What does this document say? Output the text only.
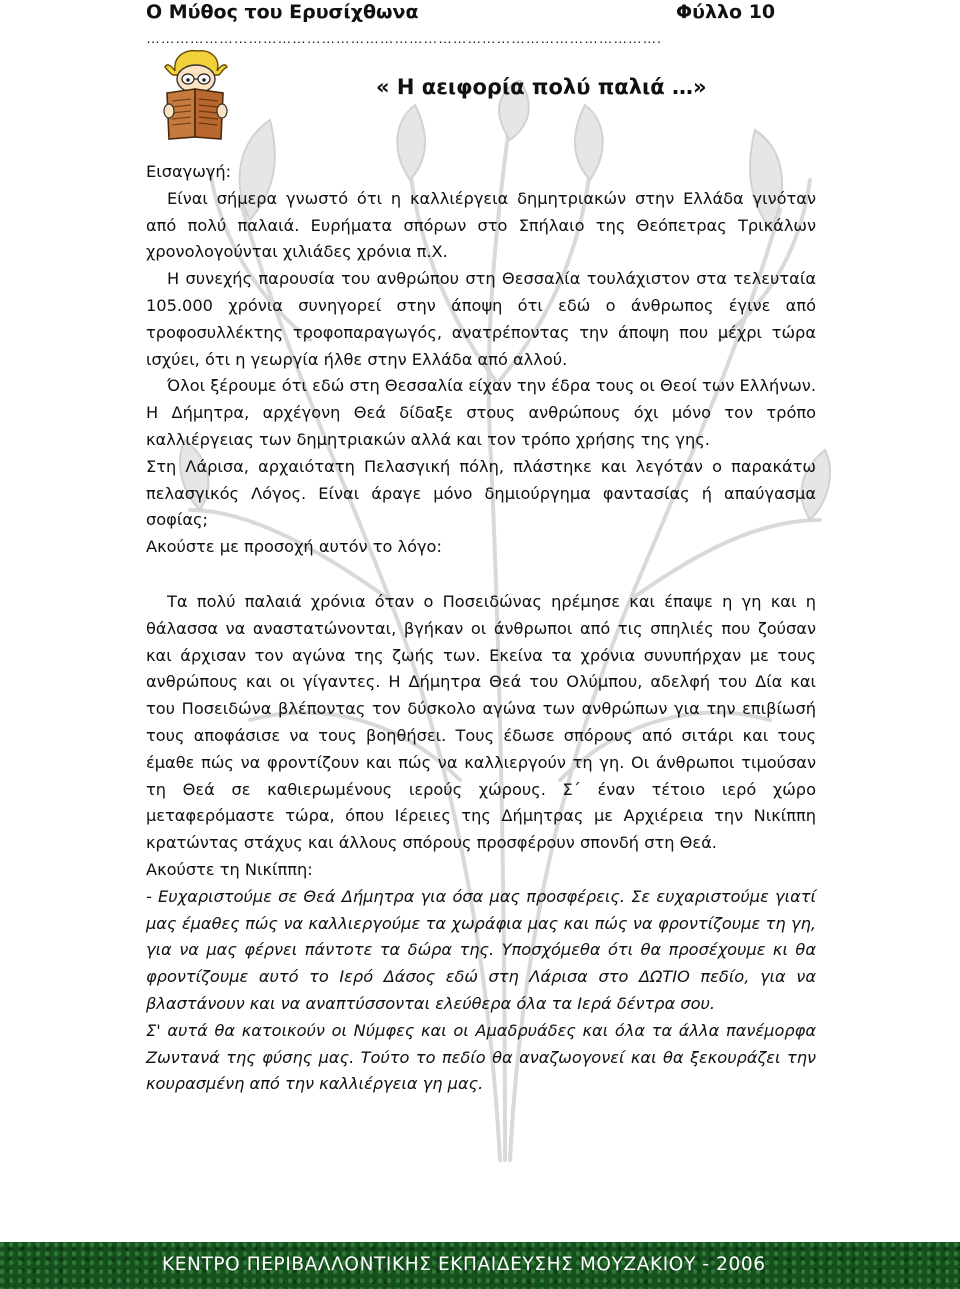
Ο Μύθος του Ερυσίχθωνα	Φύλλο 10
…………………………………………………………………………………………….
« Η αειφορία πολύ παλιά …»

Εισαγωγή:

Είναι σήμερα γνωστό ότι η καλλιέργεια δημητριακών στην Ελλάδα γινόταν από πολύ παλαιά. Ευρήματα σπόρων στο Σπήλαιο της Θεόπετρας Τρικάλων χρονολογούνται χιλιάδες χρόνια π.Χ.

Η συνεχής παρουσία του ανθρώπου στη Θεσσαλία τουλάχιστον στα τελευταία 105.000 χρόνια συνηγορεί στην άποψη ότι εδώ ο άνθρωπος έγινε από τροφοσυλλέκτης τροφοπαραγωγός, ανατρέποντας την άποψη που μέχρι τώρα ισχύει, ότι η γεωργία ήλθε στην Ελλάδα από αλλού.

Όλοι ξέρουμε ότι εδώ στη Θεσσαλία είχαν την έδρα τους οι Θεοί των Ελλήνων. Η Δήμητρα, αρχέγονη Θεά δίδαξε στους ανθρώπους όχι μόνο τον τρόπο καλλιέργειας των δημητριακών αλλά και τον τρόπο χρήσης της γης.

Στη Λάρισα, αρχαιότατη Πελασγική πόλη, πλάστηκε και λεγόταν ο παρακάτω πελασγικός Λόγος. Είναι άραγε μόνο δημιούργημα φαντασίας ή απαύγασμα σοφίας;

Ακούστε με προσοχή αυτόν το λόγο:

Τα πολύ παλαιά χρόνια όταν ο Ποσειδώνας ηρέμησε και έπαψε η γη και η θάλασσα να αναστατώνονται, βγήκαν οι άνθρωποι από τις σπηλιές που ζούσαν και άρχισαν τον αγώνα της ζωής των. Εκείνα τα χρόνια συνυπήρχαν με τους ανθρώπους και οι γίγαντες. Η Δήμητρα Θεά του Ολύμπου, αδελφή του Δία και του Ποσειδώνα βλέποντας τον δύσκολο αγώνα των ανθρώπων για την επιβίωσή τους αποφάσισε να τους βοηθήσει. Τους έδωσε σπόρους από σιτάρι και τους έμαθε πώς να φροντίζουν και πώς να καλλιεργούν τη γη. Οι άνθρωποι τιμούσαν τη Θεά σε καθιερωμένους ιερούς χώρους. Σ΄ έναν τέτοιο ιερό χώρο μεταφερόμαστε τώρα, όπου Ιέρειες της Δήμητρας με Αρχιέρεια την Νικίππη κρατώντας στάχυς και άλλους σπόρους προσφέρουν σπονδή στη Θεά.

Ακούστε τη Νικίππη:

- Ευχαριστούμε σε Θεά Δήμητρα για όσα μας προσφέρεις. Σε ευχαριστούμε γιατί μας έμαθες πώς να καλλιεργούμε τα χωράφια μας και πώς να φροντίζουμε τη γη, για να μας φέρνει πάντοτε τα δώρα της. Υποσχόμεθα ότι θα προσέχουμε κι θα φροντίζουμε αυτό το Ιερό Δάσος εδώ στη Λάρισα στο ΔΩΤΙΟ πεδίο, για να βλαστάνουν και να αναπτύσσονται ελεύθερα όλα τα Ιερά δέντρα σου.

Σ' αυτά θα κατοικούν οι Νύμφες και οι Αμαδρυάδες και όλα τα άλλα πανέμορφα Ζωντανά της φύσης μας. Τούτο το πεδίο θα αναζωογονεί και θα ξεκουράζει την κουρασμένη από την καλλιέργεια γη μας.

ΚΕΝΤΡΟ ΠΕΡΙΒΑΛΛΟΝΤΙΚΗΣ ΕΚΠΑΙΔΕΥΣΗΣ ΜΟΥΖΑΚΙΟΥ - 2006
